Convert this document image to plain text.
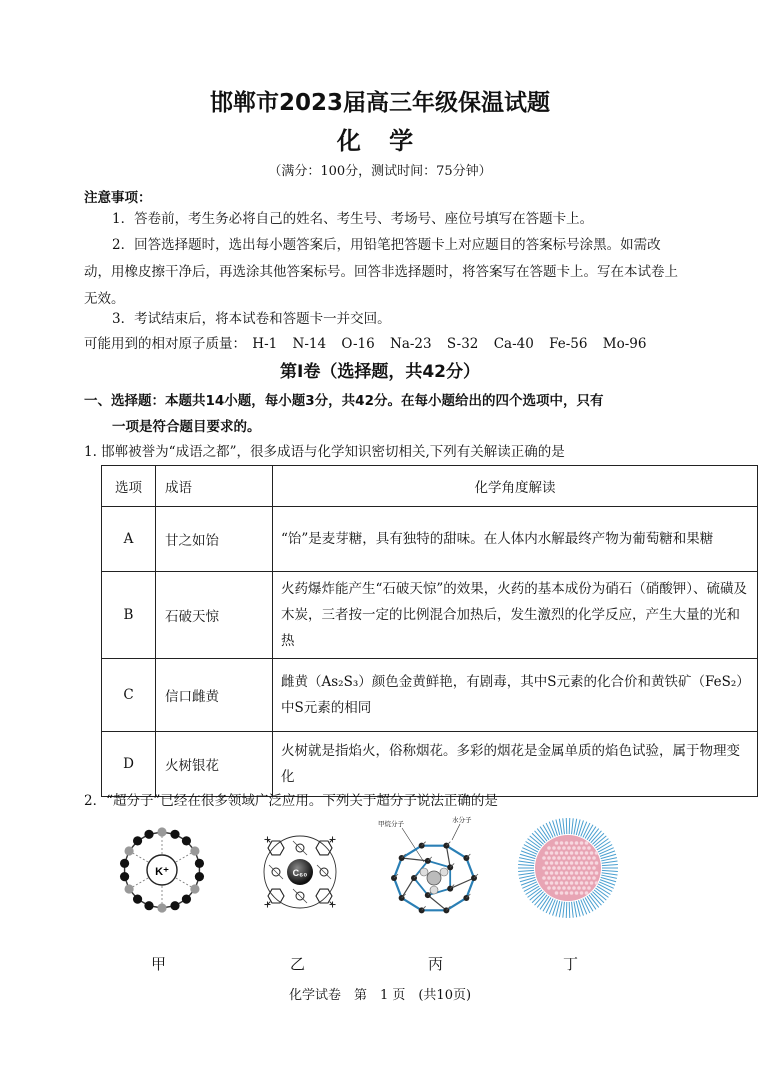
邯郸市2023届高三年级保温试题
化 学
（满分：100分，测试时间：75分钟）
注意事项：
1．答卷前，考生务必将自己的姓名、考生号、考场号、座位号填写在答题卡上。
2．回答选择题时，选出每小题答案后，用铅笔把答题卡上对应题目的答案标号涂黑。如需改动，用橡皮擦干净后，再选涂其他答案标号。回答非选择题时，将答案写在答题卡上。写在本试卷上无效。
3．考试结束后，将本试卷和答题卡一并交回。
可能用到的相对原子质量： H-1 N-14 O-16 Na-23 S-32 Ca-40 Fe-56 Mo-96
第Ⅰ卷（选择题，共42分）
一、选择题：本题共14小题，每小题3分，共42分。在每小题给出的四个选项中，只有
一项是符合题目要求的。
1. 邯郸被誉为“成语之都”，很多成语与化学知识密切相关,下列有关解读正确的是
选项	成语	化学角度解读
A	甘之如饴	“饴”是麦芽糖，具有独特的甜味。在人体内水解最终产物为葡萄糖和果糖
B	石破天惊	火药爆炸能产生“石破天惊”的效果，火药的基本成份为硝石（硝酸钾）、硫磺及木炭，三者按一定的比例混合加热后，发生激烈的化学反应，产生大量的光和热
C	信口雌黄	雌黄（As₂S₃）颜色金黄鲜艳，有剧毒，其中S元素的化合价和黄铁矿（FeS₂）中S元素的相同
D	火树银花	火树就是指焰火，俗称烟花。多彩的烟花是金属单质的焰色试验，属于物理变化
2．“超分子”已经在很多领域广泛应用。下列关于超分子说法正确的是
K⁺	C₆₀
甲烷分子	水分子
甲	乙	丙	丁
化学试卷　第　1 页　(共10页)
